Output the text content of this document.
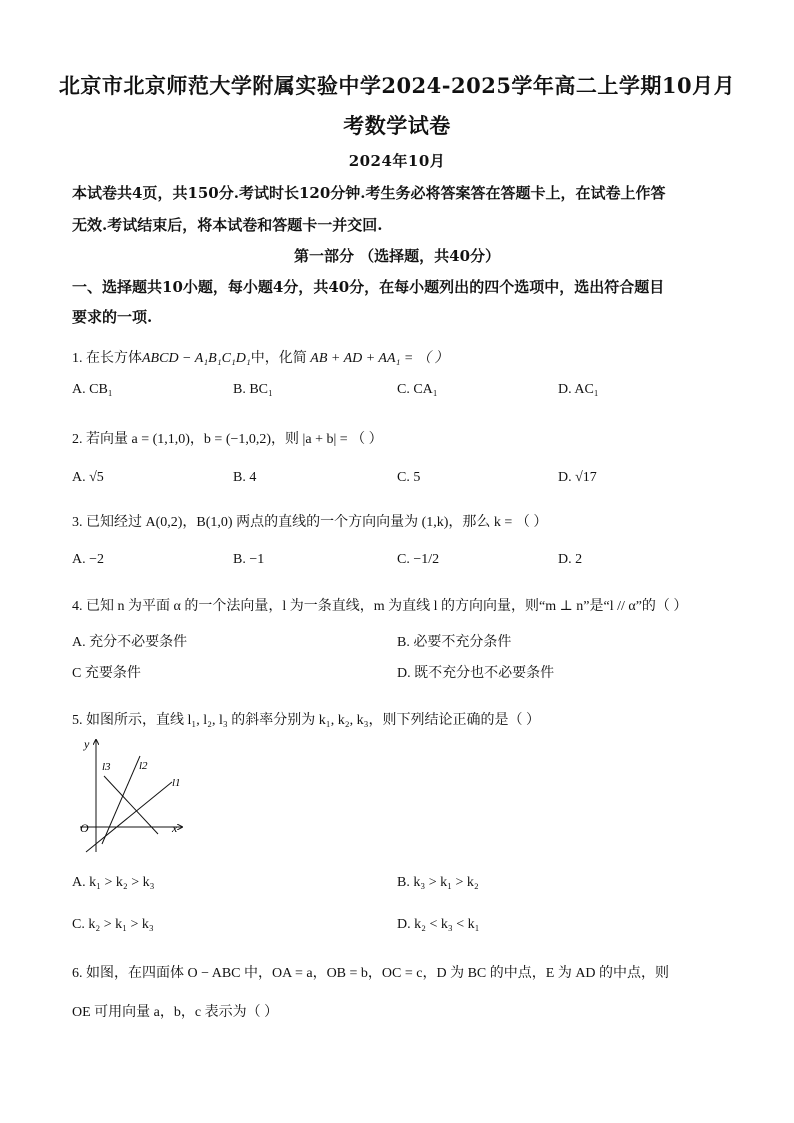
北京市北京师范大学附属实验中学2024-2025学年高二上学期10月月
考数学试卷
2024年10月
本试卷共4页，共150分.考试时长120分钟.考生务必将答案答在答题卡上，在试卷上作答
无效.考试结束后，将本试卷和答题卡一并交回.
第一部分 （选择题，共40分）
一、选择题共10小题，每小题4分，共40分，在每小题列出的四个选项中，选出符合题目
要求的一项.
1. 在长方体ABCD − A₁B₁C₁D₁中，化简 AB + AD + AA₁ = （ ）
A. CB₁	B. BC₁	C. CA₁	D. AC₁
2. 若向量 a = (1,1,0)，b = (−1,0,2)，则 |a + b| = （ ）
A. √5	B. 4	C. 5	D. √17
3. 已知经过 A(0,2)，B(1,0) 两点的直线的一个方向向量为 (1,k)，那么 k = （ ）
A. −2	B. −1	C. −1/2	D. 2
4. 已知 n 为平面 α 的一个法向量，l 为一条直线，m 为直线 l 的方向向量，则“m ⊥ n”是“l // α”的（ ）
A. 充分不必要条件	B. 必要不充分条件
C 充要条件	D. 既不充分也不必要条件
5. 如图所示，直线 l₁, l₂, l₃ 的斜率分别为 k₁, k₂, k₃，则下列结论正确的是（ ）
y
x
O
l3	l2
l1
A. k₁ > k₂ > k₃	B. k₃ > k₁ > k₂
C. k₂ > k₁ > k₃	D. k₂ < k₃ < k₁
6. 如图，在四面体 O − ABC 中，OA = a，OB = b，OC = c，D 为 BC 的中点，E 为 AD 的中点，则
OE 可用向量 a，b，c 表示为（ ）
